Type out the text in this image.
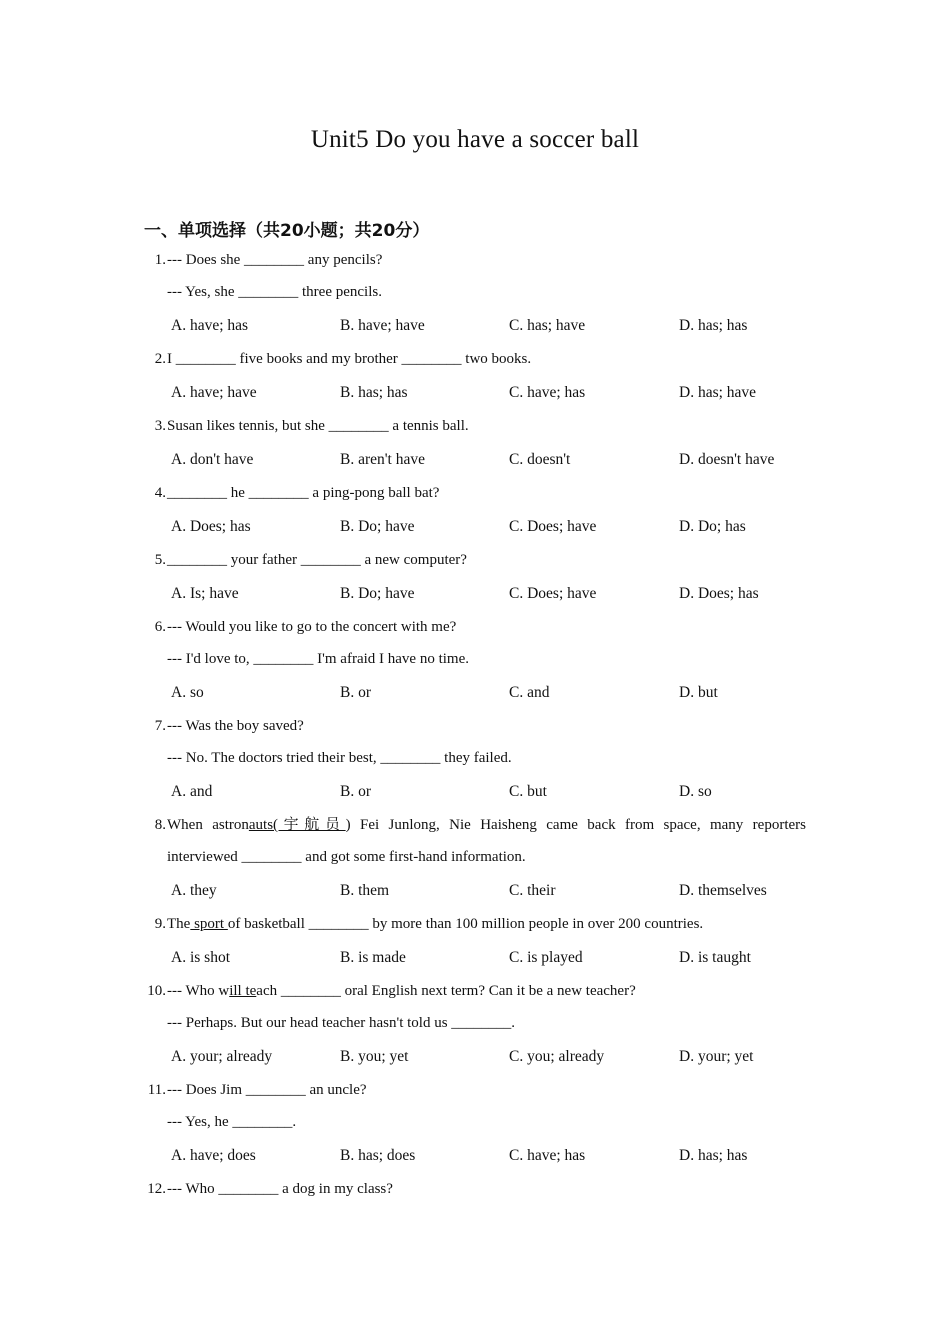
Unit5 Do you have a soccer ball
一、单项选择（共20小题；共20分）
1. --- Does she ________ any pencils?
--- Yes, she ________ three pencils.
A. have; has	B. have; have	C. has; have	D. has; has
2. I ________ five books and my brother ________ two books.
A. have; have	B. has; has	C. have; has	D. has; have
3. Susan likes tennis, but she ________ a tennis ball.
A. don't have	B. aren't have	C. doesn't	D. doesn't have
4. ________ he ________ a ping-pong ball bat?
A. Does; has	B. Do; have	C. Does; have	D. Do; has
5. ________ your father ________ a new computer?
A. Is; have	B. Do; have	C. Does; have	D. Does; has
6. --- Would you like to go to the concert with me?
--- I'd love to, ________ I'm afraid I have no time.
A. so	B. or	C. and	D. but
7. --- Was the boy saved?
--- No. The doctors tried their best, ________ they failed.
A. and	B. or	C. but	D. so
8. When astronauts(宇航员) Fei Junlong, Nie Haisheng came back from space, many reporters
interviewed ________ and got some first-hand information.
A. they	B. them	C. their	D. themselves
9. The sport of basketball ________ by more than 100 million people in over 200 countries.
A. is shot	B. is made	C. is played	D. is taught
10. --- Who will teach ________ oral English next term? Can it be a new teacher?
--- Perhaps. But our head teacher hasn't told us ________.
A. your; already	B. you; yet	C. you; already	D. your; yet
11. --- Does Jim ________ an uncle?
--- Yes, he ________.
A. have; does	B. has; does	C. have; has	D. has; has
12. --- Who ________ a dog in my class?
